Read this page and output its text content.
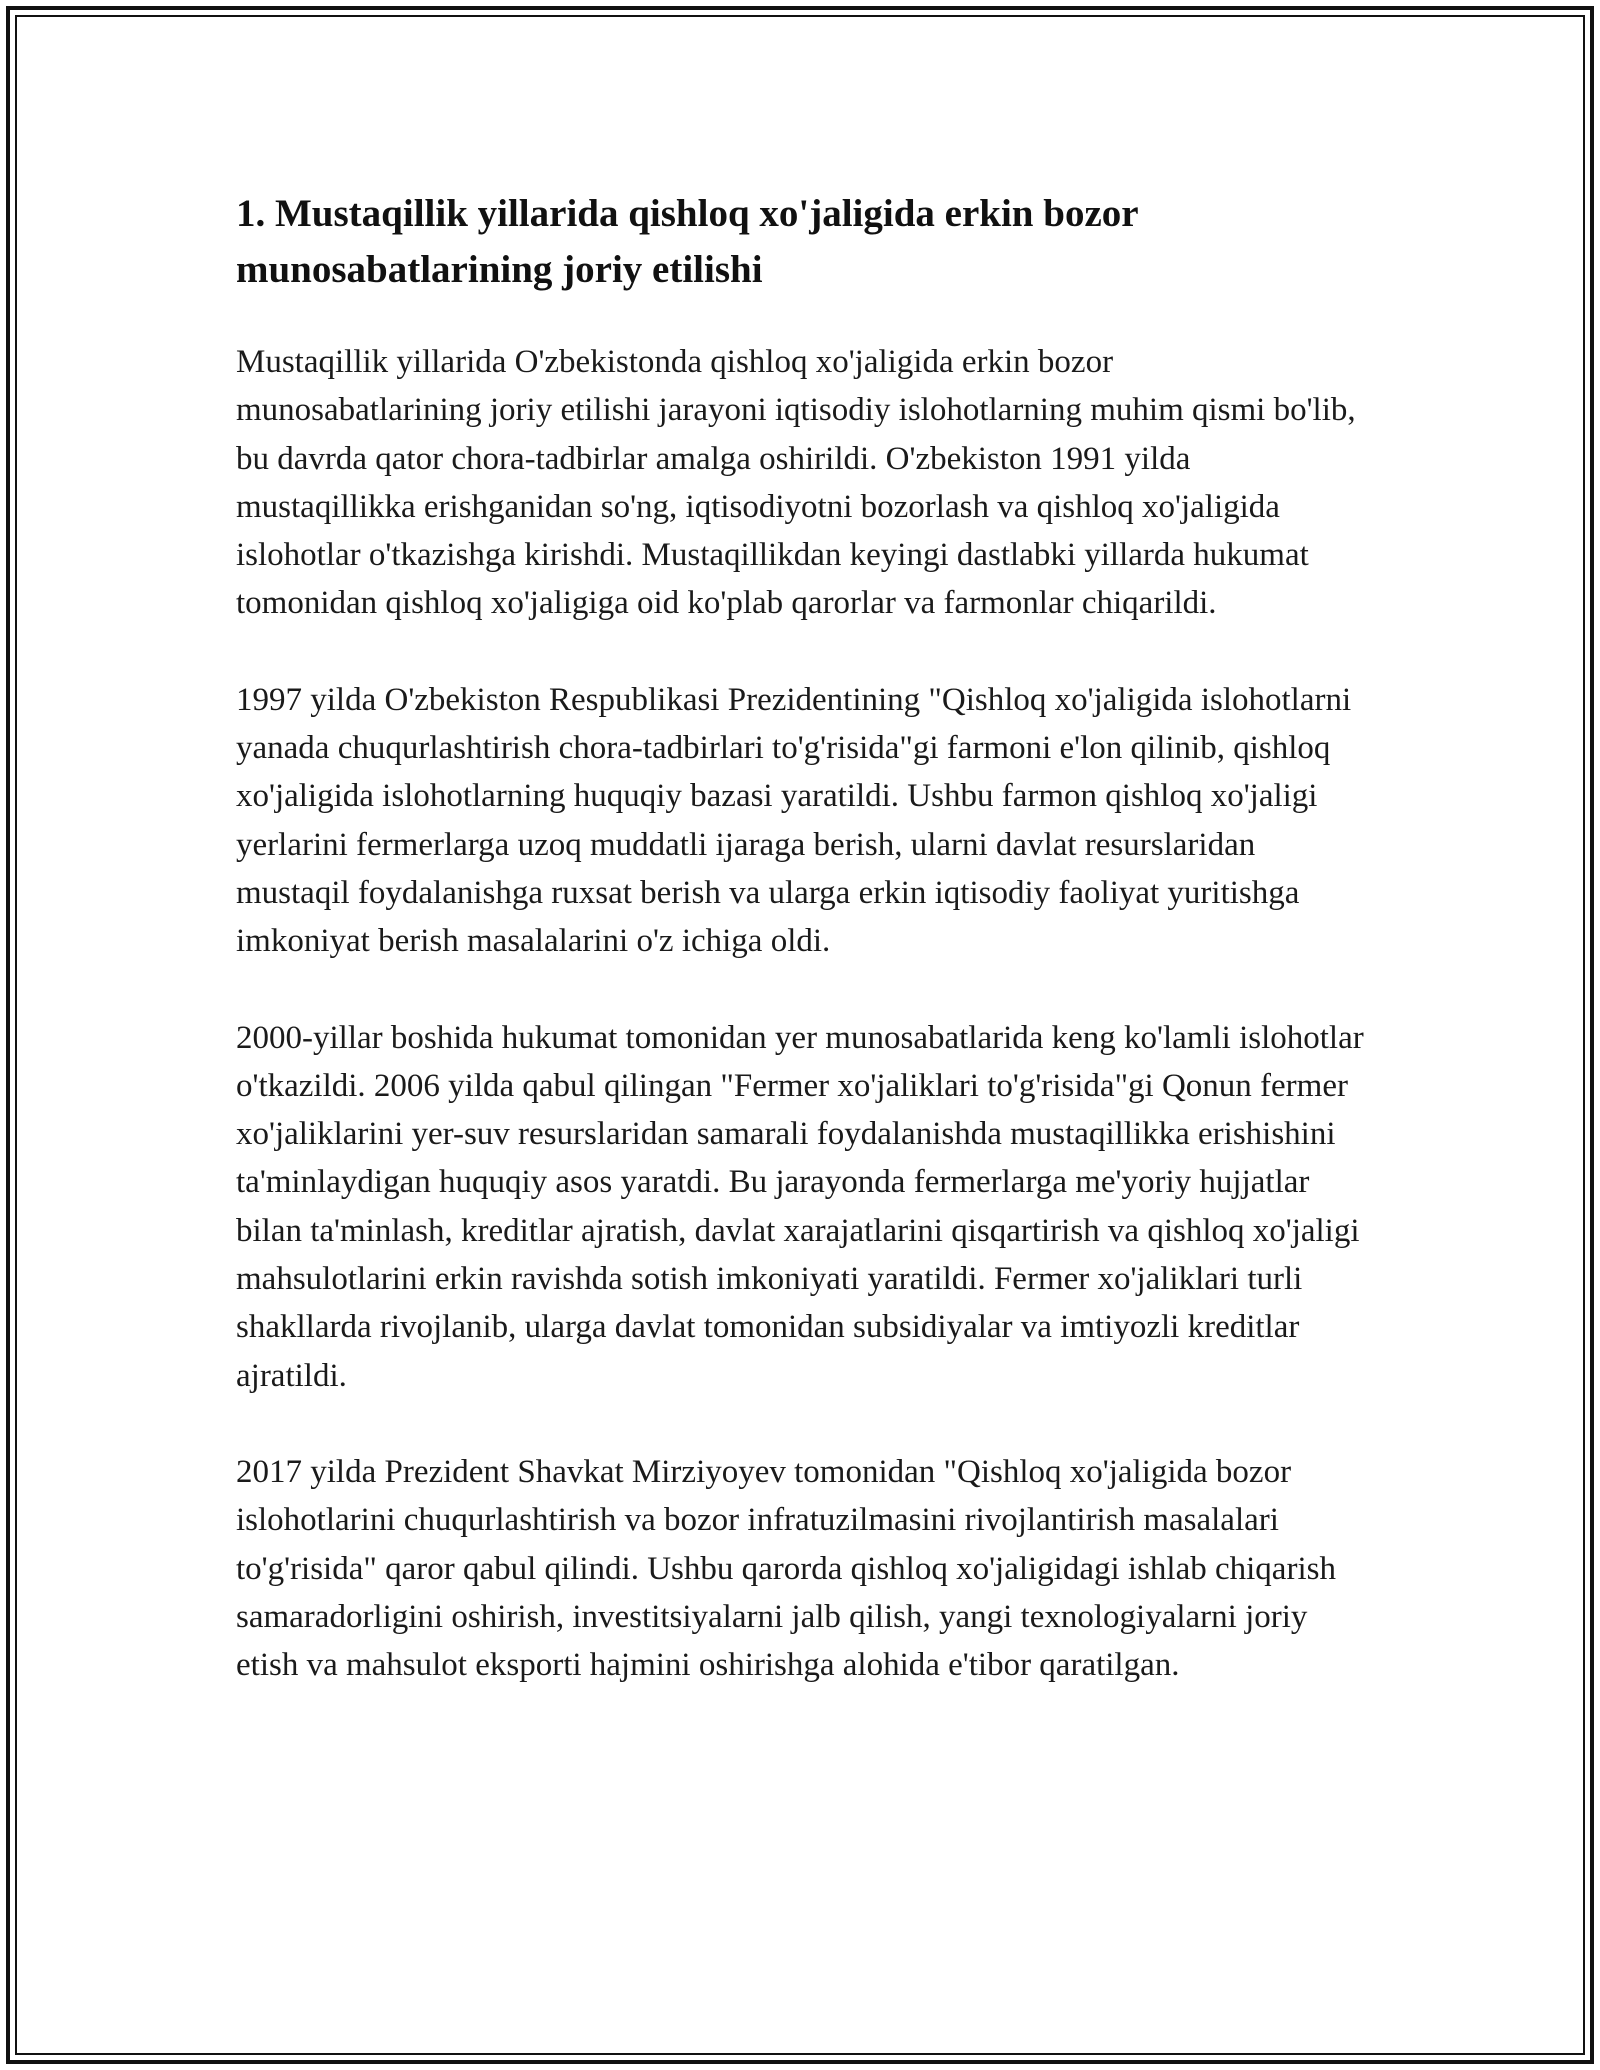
1. Mustaqillik yillarida qishloq xo'jaligida erkin bozor munosabatlarining joriy etilishi

Mustaqillik yillarida O'zbekistonda qishloq xo'jaligida erkin bozor munosabatlarining joriy etilishi jarayoni iqtisodiy islohotlarning muhim qismi bo'lib, bu davrda qator chora-tadbirlar amalga oshirildi. O'zbekiston 1991 yilda mustaqillikka erishganidan so'ng, iqtisodiyotni bozorlash va qishloq xo'jaligida islohotlar o'tkazishga kirishdi. Mustaqillikdan keyingi dastlabki yillarda hukumat tomonidan qishloq xo'jaligiga oid ko'plab qarorlar va farmonlar chiqarildi.

1997 yilda O'zbekiston Respublikasi Prezidentining "Qishloq xo'jaligida islohotlarni yanada chuqurlashtirish chora-tadbirlari to'g'risida"gi farmoni e'lon qilinib, qishloq xo'jaligida islohotlarning huquqiy bazasi yaratildi. Ushbu farmon qishloq xo'jaligi yerlarini fermerlarga uzoq muddatli ijaraga berish, ularni davlat resurslaridan mustaqil foydalanishga ruxsat berish va ularga erkin iqtisodiy faoliyat yuritishga imkoniyat berish masalalarini o'z ichiga oldi.

2000-yillar boshida hukumat tomonidan yer munosabatlarida keng ko'lamli islohotlar o'tkazildi. 2006 yilda qabul qilingan "Fermer xo'jaliklari to'g'risida"gi Qonun fermer xo'jaliklarini yer-suv resurslaridan samarali foydalanishda mustaqillikka erishishini ta'minlaydigan huquqiy asos yaratdi. Bu jarayonda fermerlarga me'yoriy hujjatlar bilan ta'minlash, kreditlar ajratish, davlat xarajatlarini qisqartirish va qishloq xo'jaligi mahsulotlarini erkin ravishda sotish imkoniyati yaratildi. Fermer xo'jaliklari turli shakllarda rivojlanib, ularga davlat tomonidan subsidiyalar va imtiyozli kreditlar ajratildi.

2017 yilda Prezident Shavkat Mirziyoyev tomonidan "Qishloq xo'jaligida bozor islohotlarini chuqurlashtirish va bozor infratuzilmasini rivojlantirish masalalari to'g'risida" qaror qabul qilindi. Ushbu qarorda qishloq xo'jaligidagi ishlab chiqarish samaradorligini oshirish, investitsiyalarni jalb qilish, yangi texnologiyalarni joriy etish va mahsulot eksporti hajmini oshirishga alohida e'tibor qaratilgan.
